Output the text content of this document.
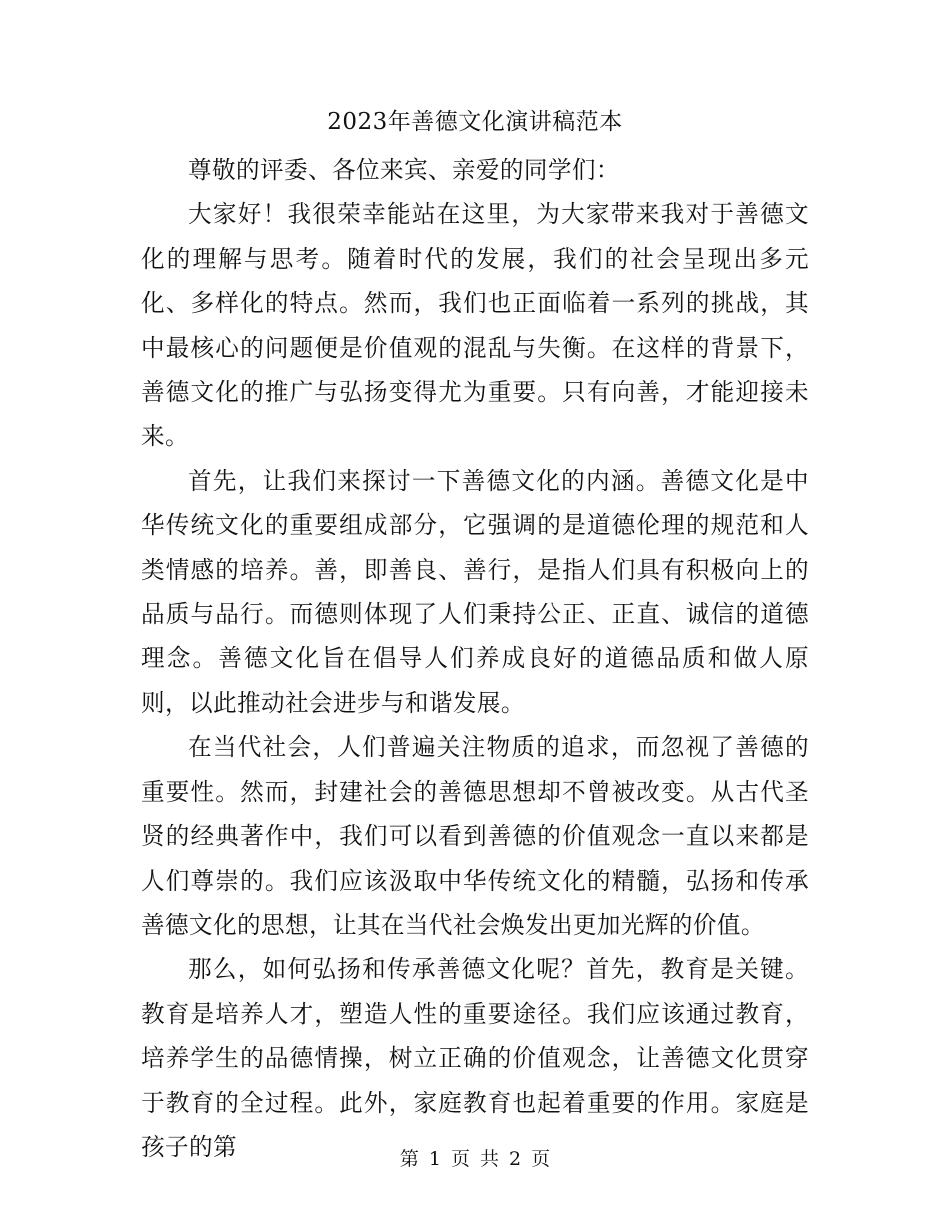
2023年善德文化演讲稿范本

尊敬的评委、各位来宾、亲爱的同学们：

大家好！我很荣幸能站在这里，为大家带来我对于善德文化的理解与思考。随着时代的发展，我们的社会呈现出多元化、多样化的特点。然而，我们也正面临着一系列的挑战，其中最核心的问题便是价值观的混乱与失衡。在这样的背景下，善德文化的推广与弘扬变得尤为重要。只有向善，才能迎接未来。

首先，让我们来探讨一下善德文化的内涵。善德文化是中华传统文化的重要组成部分，它强调的是道德伦理的规范和人类情感的培养。善，即善良、善行，是指人们具有积极向上的品质与品行。而德则体现了人们秉持公正、正直、诚信的道德理念。善德文化旨在倡导人们养成良好的道德品质和做人原则，以此推动社会进步与和谐发展。

在当代社会，人们普遍关注物质的追求，而忽视了善德的重要性。然而，封建社会的善德思想却不曾被改变。从古代圣贤的经典著作中，我们可以看到善德的价值观念一直以来都是人们尊崇的。我们应该汲取中华传统文化的精髓，弘扬和传承善德文化的思想，让其在当代社会焕发出更加光辉的价值。

那么，如何弘扬和传承善德文化呢？首先，教育是关键。教育是培养人才，塑造人性的重要途径。我们应该通过教育，培养学生的品德情操，树立正确的价值观念，让善德文化贯穿于教育的全过程。此外，家庭教育也起着重要的作用。家庭是孩子的第	第 1 页 共 2 页
